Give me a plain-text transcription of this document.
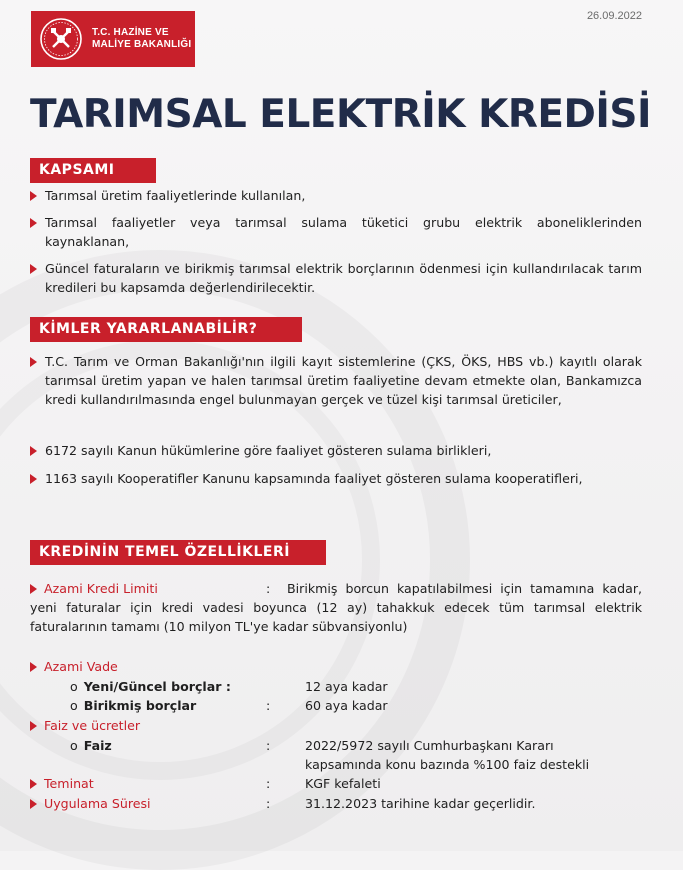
T.C. HAZİNE VE
MALİYE BAKANLIĞI
26.09.2022
TARIMSAL ELEKTRİK KREDİSİ
KAPSAMI
Tarımsal üretim faaliyetlerinde kullanılan,
Tarımsal faaliyetler veya tarımsal sulama tüketici grubu elektrik aboneliklerinden kaynaklanan,
Güncel faturaların ve birikmiş tarımsal elektrik borçlarının ödenmesi için kullandırılacak tarım kredileri bu kapsamda değerlendirilecektir.
KİMLER YARARLANABİLİR?
T.C. Tarım ve Orman Bakanlığı'nın ilgili kayıt sistemlerine (ÇKS, ÖKS, HBS vb.) kayıtlı olarak tarımsal üretim yapan ve halen tarımsal üretim faaliyetine devam etmekte olan, Bankamızca kredi kullandırılmasında engel bulunmayan gerçek ve tüzel kişi tarımsal üreticiler,
6172 sayılı Kanun hükümlerine göre faaliyet gösteren sulama birlikleri,
1163 sayılı Kooperatifler Kanunu kapsamında faaliyet gösteren sulama kooperatifleri,
KREDİNİN TEMEL ÖZELLİKLERİ
Azami Kredi Limiti	:	Birikmiş borcun kapatılabilmesi için tamamına kadar, yeni faturalar için kredi vadesi boyunca (12 ay) tahakkuk edecek tüm tarımsal elektrik faturalarının tamamı (10 milyon TL'ye kadar sübvansiyonlu)
Azami Vade
o Yeni/Güncel borçlar :	12 aya kadar
o Birikmiş borçlar	:	60 aya kadar
Faiz ve ücretler
o Faiz	:	2022/5972 sayılı Cumhurbaşkanı Kararı
kapsamında konu bazında %100 faiz destekli
Teminat	:	KGF kefaleti
Uygulama Süresi	:	31.12.2023 tarihine kadar geçerlidir.
